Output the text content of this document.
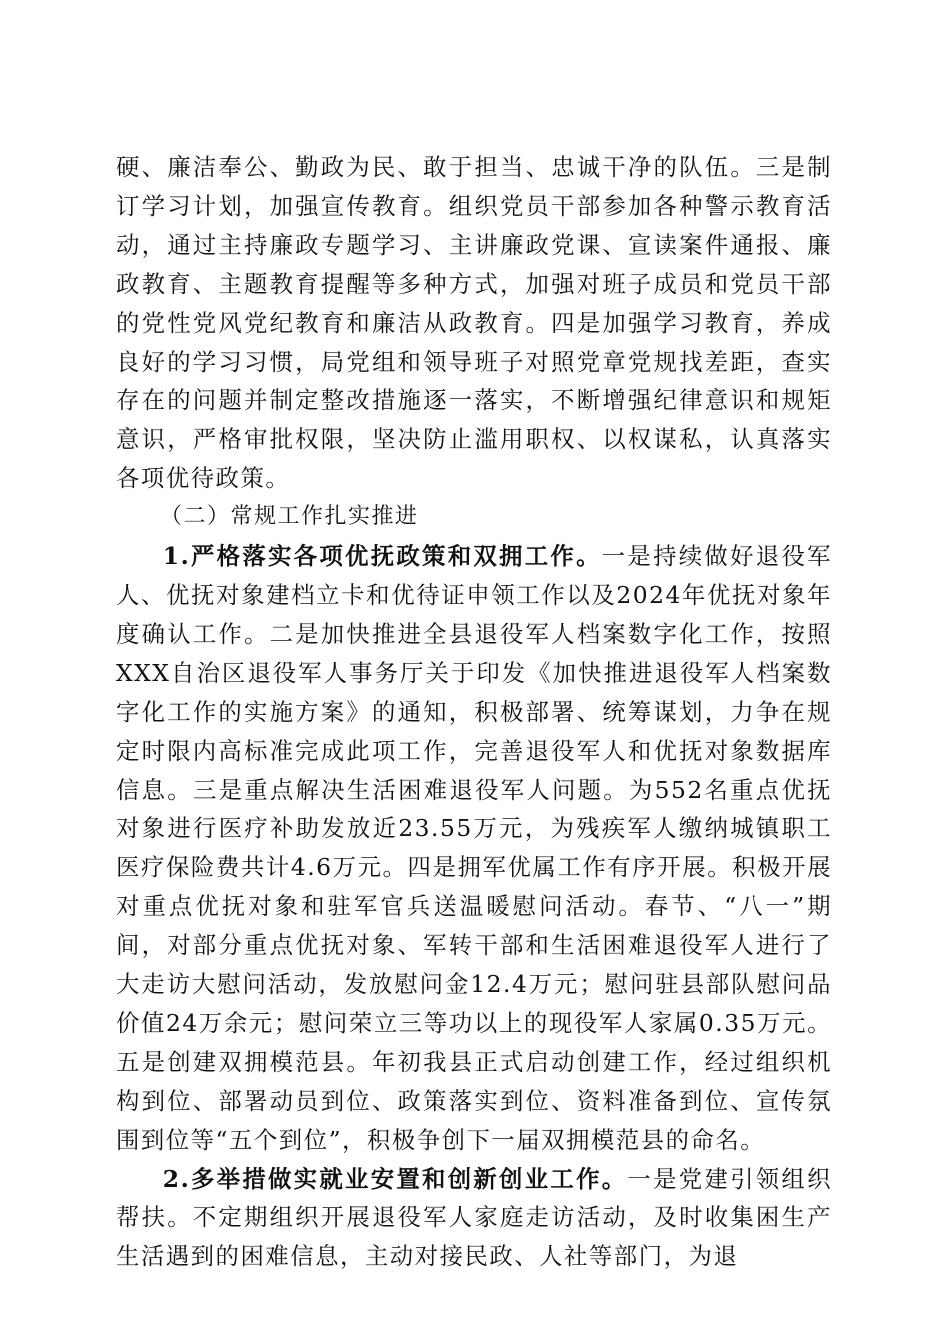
硬、廉洁奉公、勤政为民、敢于担当、忠诚干净的队伍。三是制订学习计划，加强宣传教育。组织党员干部参加各种警示教育活动，通过主持廉政专题学习、主讲廉政党课、宣读案件通报、廉政教育、主题教育提醒等多种方式，加强对班子成员和党员干部的党性党风党纪教育和廉洁从政教育。四是加强学习教育，养成良好的学习习惯，局党组和领导班子对照党章党规找差距，查实存在的问题并制定整改措施逐一落实，不断增强纪律意识和规矩意识，严格审批权限，坚决防止滥用职权、以权谋私，认真落实各项优待政策。

（二）常规工作扎实推进

1.严格落实各项优抚政策和双拥工作。一是持续做好退役军人、优抚对象建档立卡和优待证申领工作以及2024年优抚对象年度确认工作。二是加快推进全县退役军人档案数字化工作，按照XXX自治区退役军人事务厅关于印发《加快推进退役军人档案数字化工作的实施方案》的通知，积极部署、统筹谋划，力争在规定时限内高标准完成此项工作，完善退役军人和优抚对象数据库信息。三是重点解决生活困难退役军人问题。为552名重点优抚对象进行医疗补助发放近23.55万元，为残疾军人缴纳城镇职工医疗保险费共计4.6万元。四是拥军优属工作有序开展。积极开展对重点优抚对象和驻军官兵送温暖慰问活动。春节、“八一”期间，对部分重点优抚对象、军转干部和生活困难退役军人进行了大走访大慰问活动，发放慰问金12.4万元；慰问驻县部队慰问品价值24万余元；慰问荣立三等功以上的现役军人家属0.35万元。五是创建双拥模范县。年初我县正式启动创建工作，经过组织机构到位、部署动员到位、政策落实到位、资料准备到位、宣传氛围到位等“五个到位”，积极争创下一届双拥模范县的命名。

2.多举措做实就业安置和创新创业工作。一是党建引领组织帮扶。不定期组织开展退役军人家庭走访活动，及时收集困生产生活遇到的困难信息，主动对接民政、人社等部门，为退
